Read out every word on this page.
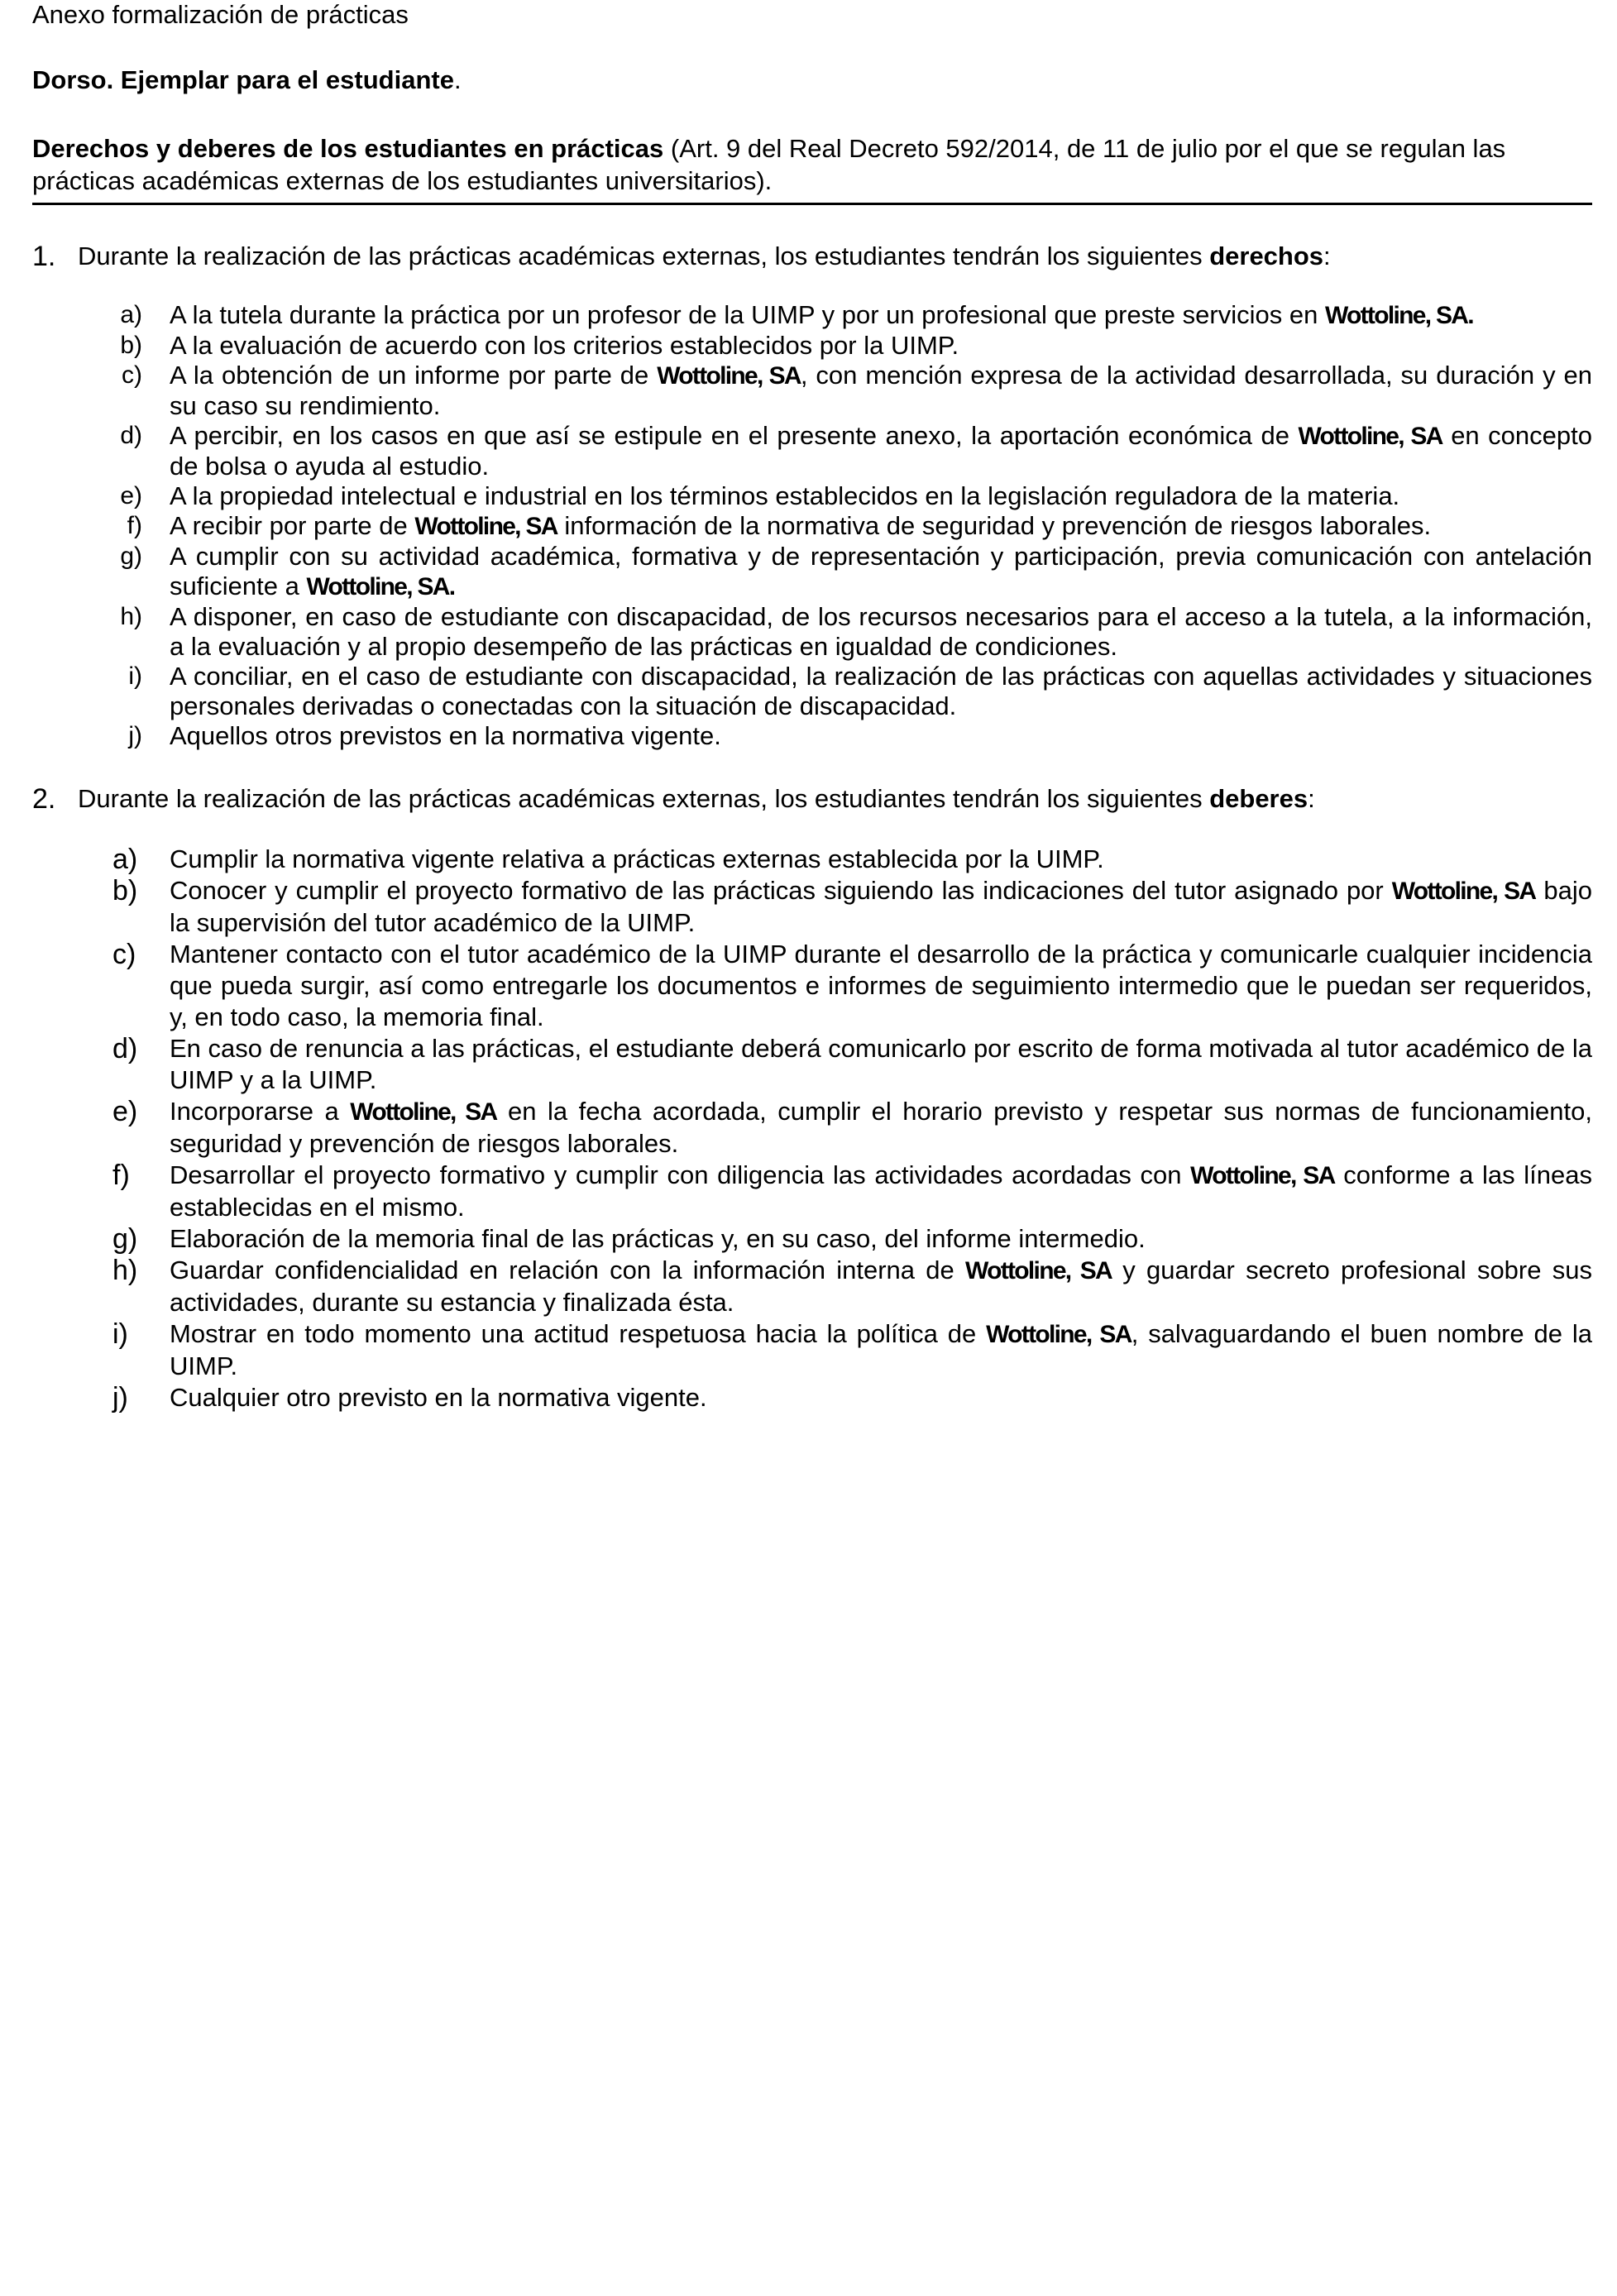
Anexo formalización de prácticas

Dorso. Ejemplar para el estudiante.

Derechos y deberes de los estudiantes en prácticas (Art. 9 del Real Decreto 592/2014, de 11 de julio por el que se regulan las prácticas académicas externas de los estudiantes universitarios).

1. Durante la realización de las prácticas académicas externas, los estudiantes tendrán los siguientes derechos:
a)	A la tutela durante la práctica por un profesor de la UIMP y por un profesional que preste servicios en Wottoline, SA.
b)	A la evaluación de acuerdo con los criterios establecidos por la UIMP.
c)	A la obtención de un informe por parte de Wottoline, SA, con mención expresa de la actividad desarrollada, su duración y en su caso su rendimiento.
d)	A percibir, en los casos en que así se estipule en el presente anexo, la aportación económica de Wottoline, SA en concepto de bolsa o ayuda al estudio.
e)	A la propiedad intelectual e industrial en los términos establecidos en la legislación reguladora de la materia.
f)	A recibir por parte de Wottoline, SA información de la normativa de seguridad y prevención de riesgos laborales.
g)	A cumplir con su actividad académica, formativa y de representación y participación, previa comunicación con antelación suficiente a Wottoline, SA.
h)	A disponer, en caso de estudiante con discapacidad, de los recursos necesarios para el acceso a la tutela, a la información, a la evaluación y al propio desempeño de las prácticas en igualdad de condiciones.
i)	A conciliar, en el caso de estudiante con discapacidad, la realización de las prácticas con aquellas actividades y situaciones personales derivadas o conectadas con la situación de discapacidad.
j)	Aquellos otros previstos en la normativa vigente.
2. Durante la realización de las prácticas académicas externas, los estudiantes tendrán los siguientes deberes:
a)	Cumplir la normativa vigente relativa a prácticas externas establecida por la UIMP.
b)	Conocer y cumplir el proyecto formativo de las prácticas siguiendo las indicaciones del tutor asignado por Wottoline, SA bajo la supervisión del tutor académico de la UIMP.
c)	Mantener contacto con el tutor académico de la UIMP durante el desarrollo de la práctica y comunicarle cualquier incidencia que pueda surgir, así como entregarle los documentos e informes de seguimiento intermedio que le puedan ser requeridos, y, en todo caso, la memoria final.
d)	En caso de renuncia a las prácticas, el estudiante deberá comunicarlo por escrito de forma motivada al tutor académico de la UIMP y a la UIMP.
e)	Incorporarse a Wottoline, SA en la fecha acordada, cumplir el horario previsto y respetar sus normas de funcionamiento, seguridad y prevención de riesgos laborales.
f)	Desarrollar el proyecto formativo y cumplir con diligencia las actividades acordadas con Wottoline, SA conforme a las líneas establecidas en el mismo.
g)	Elaboración de la memoria final de las prácticas y, en su caso, del informe intermedio.
h)	Guardar confidencialidad en relación con la información interna de Wottoline, SA y guardar secreto profesional sobre sus actividades, durante su estancia y finalizada ésta.
i)	Mostrar en todo momento una actitud respetuosa hacia la política de Wottoline, SA, salvaguardando el buen nombre de la UIMP.
j)	Cualquier otro previsto en la normativa vigente.
